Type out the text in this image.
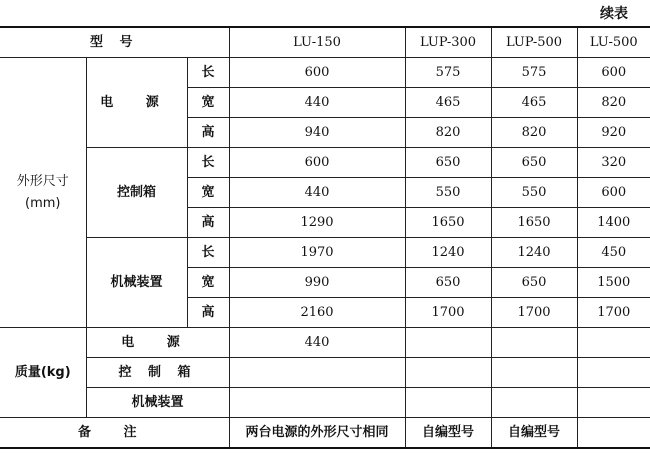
续表
型 号			LU-150	LUP-300	LUP-500	LU-500

外形尺寸
(mm)	电 源	长	600	575	575	600
		宽	440	465	465	820
		高	940	820	820	920
	控制箱	长	600	650	650	320
		宽	440	550	550	600
		高	1290	1650	1650	1400
	机械装置	长	1970	1240	1240	450
		宽	990	650	650	1500
		高	2160	1700	1700	1700
质量(kg)	电 源		440			
	控 制 箱					
	机械装置					
备 注			两台电源的外形尺寸相同	自编型号	自编型号	
